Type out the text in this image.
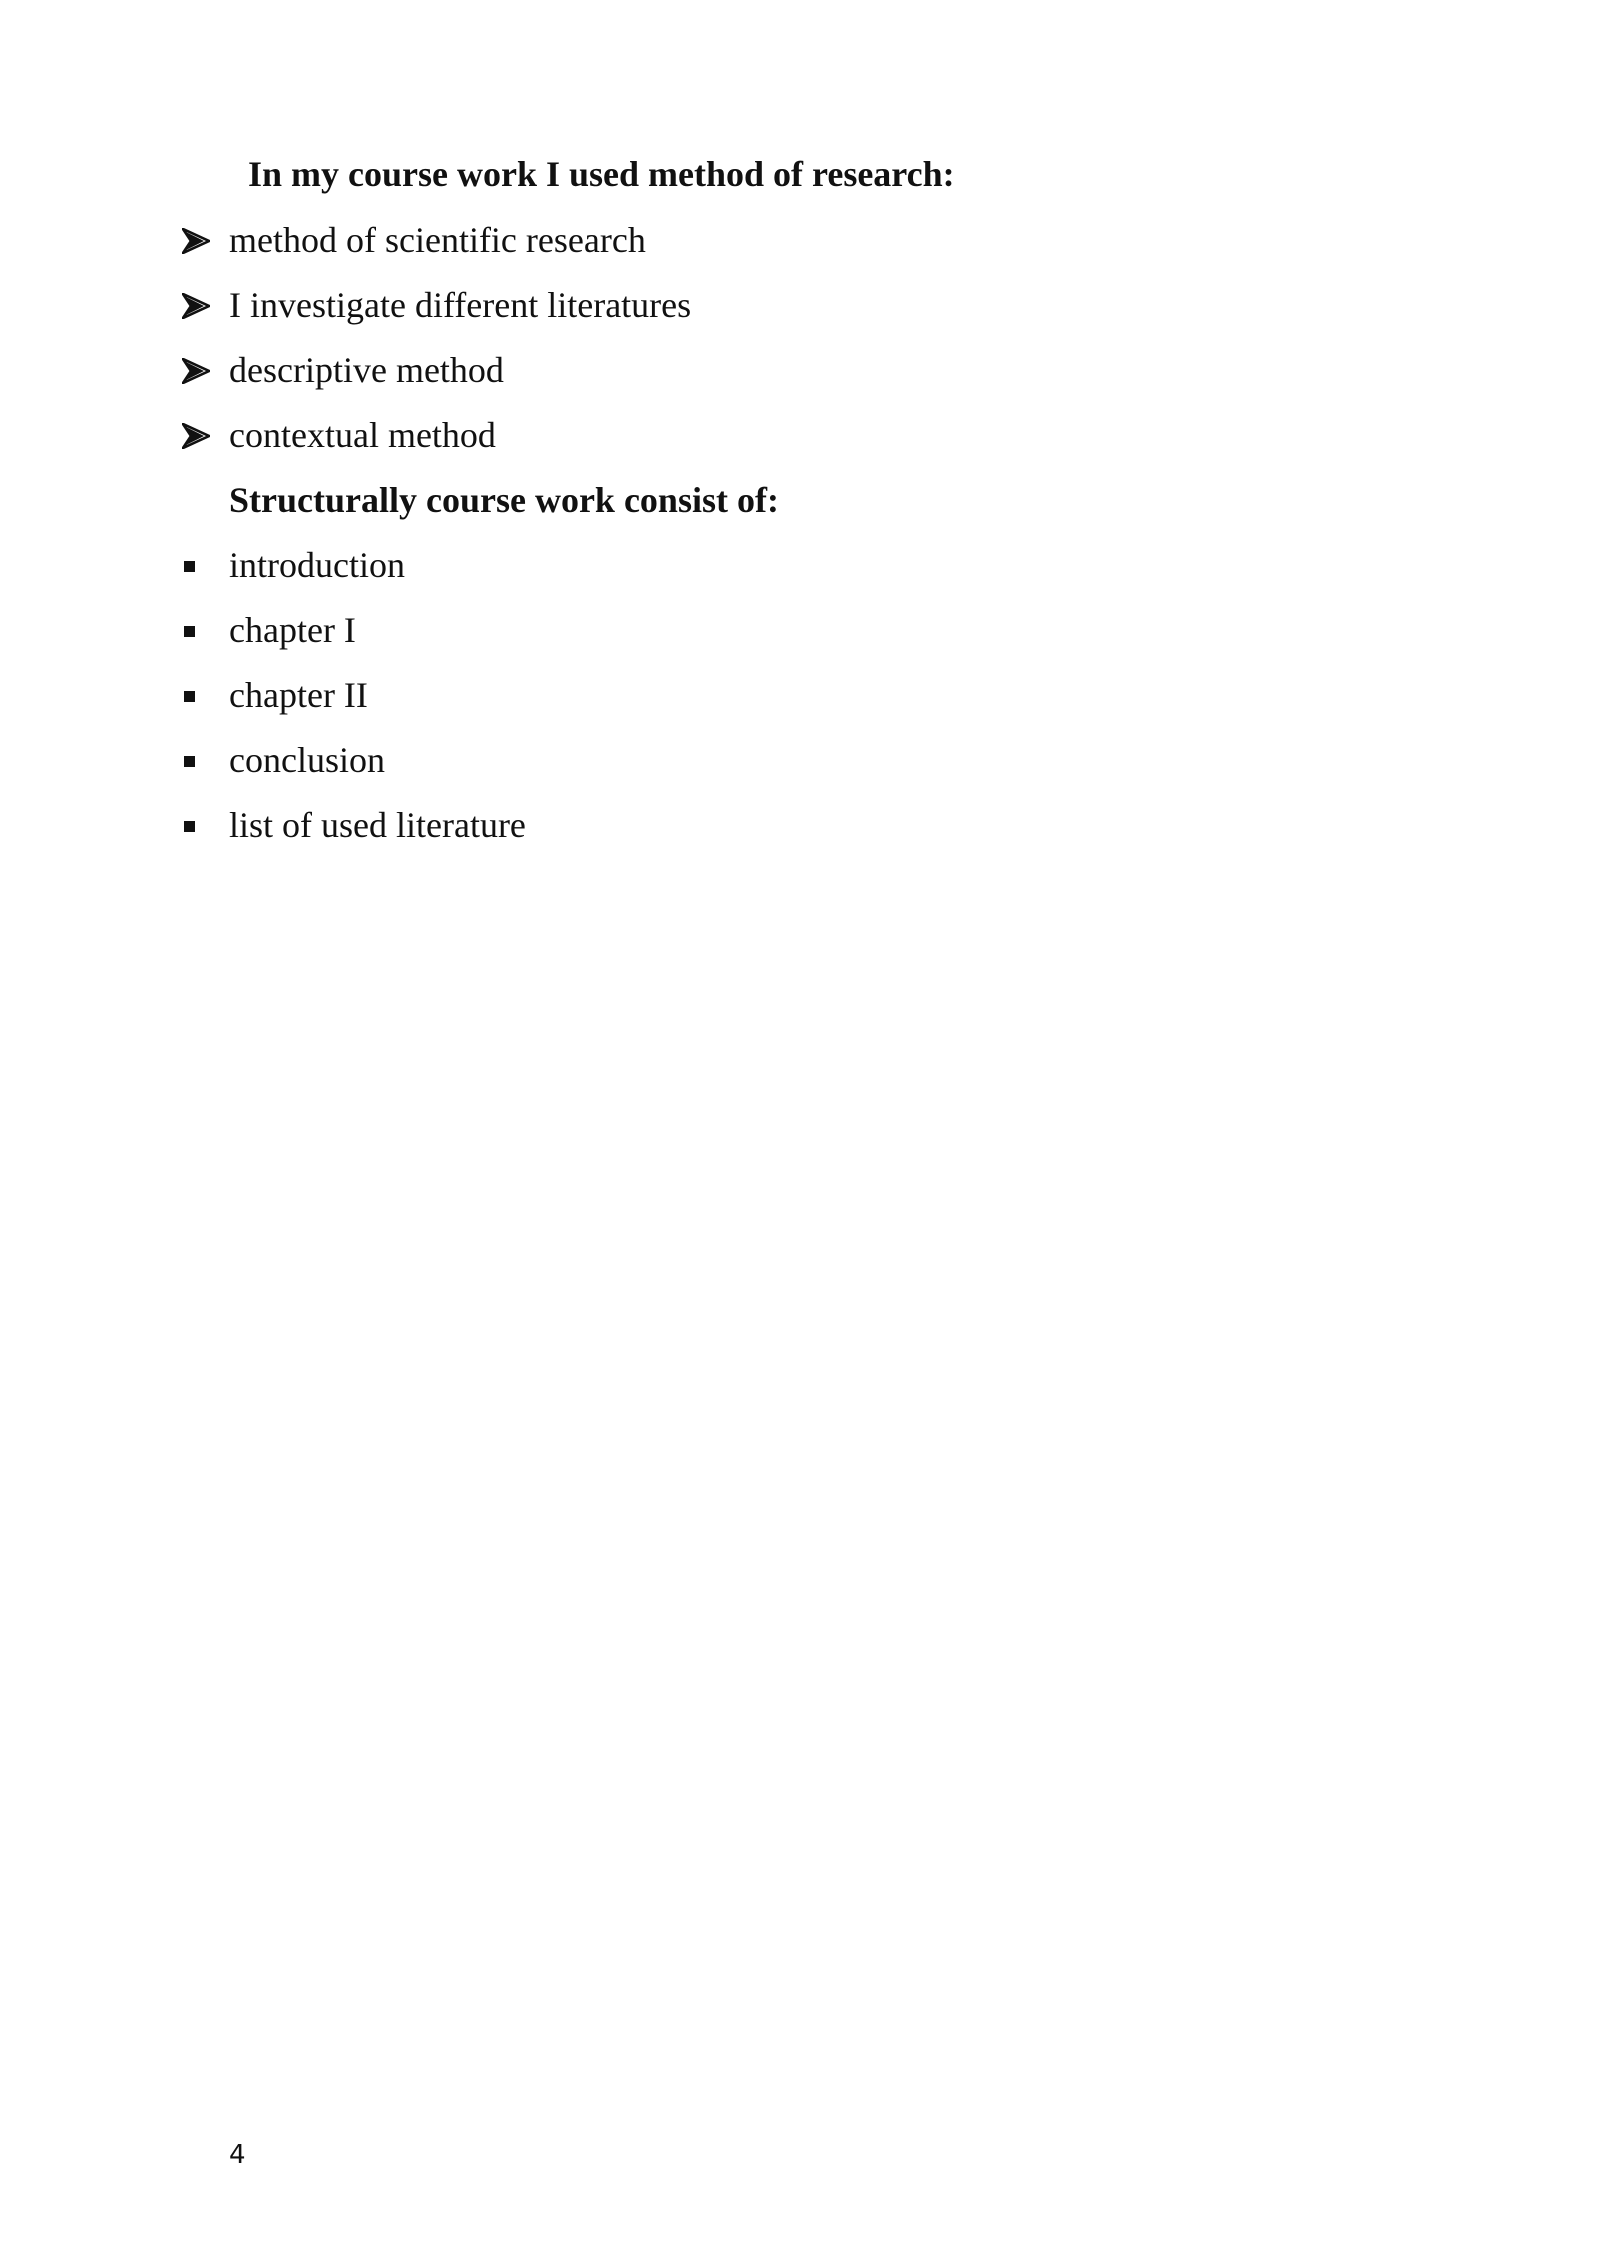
In my course work I used method of research:
method of scientific research
I investigate different literatures
descriptive method
contextual method
Structurally course work consist of:
introduction
chapter I
chapter II
conclusion
list of used literature
4
